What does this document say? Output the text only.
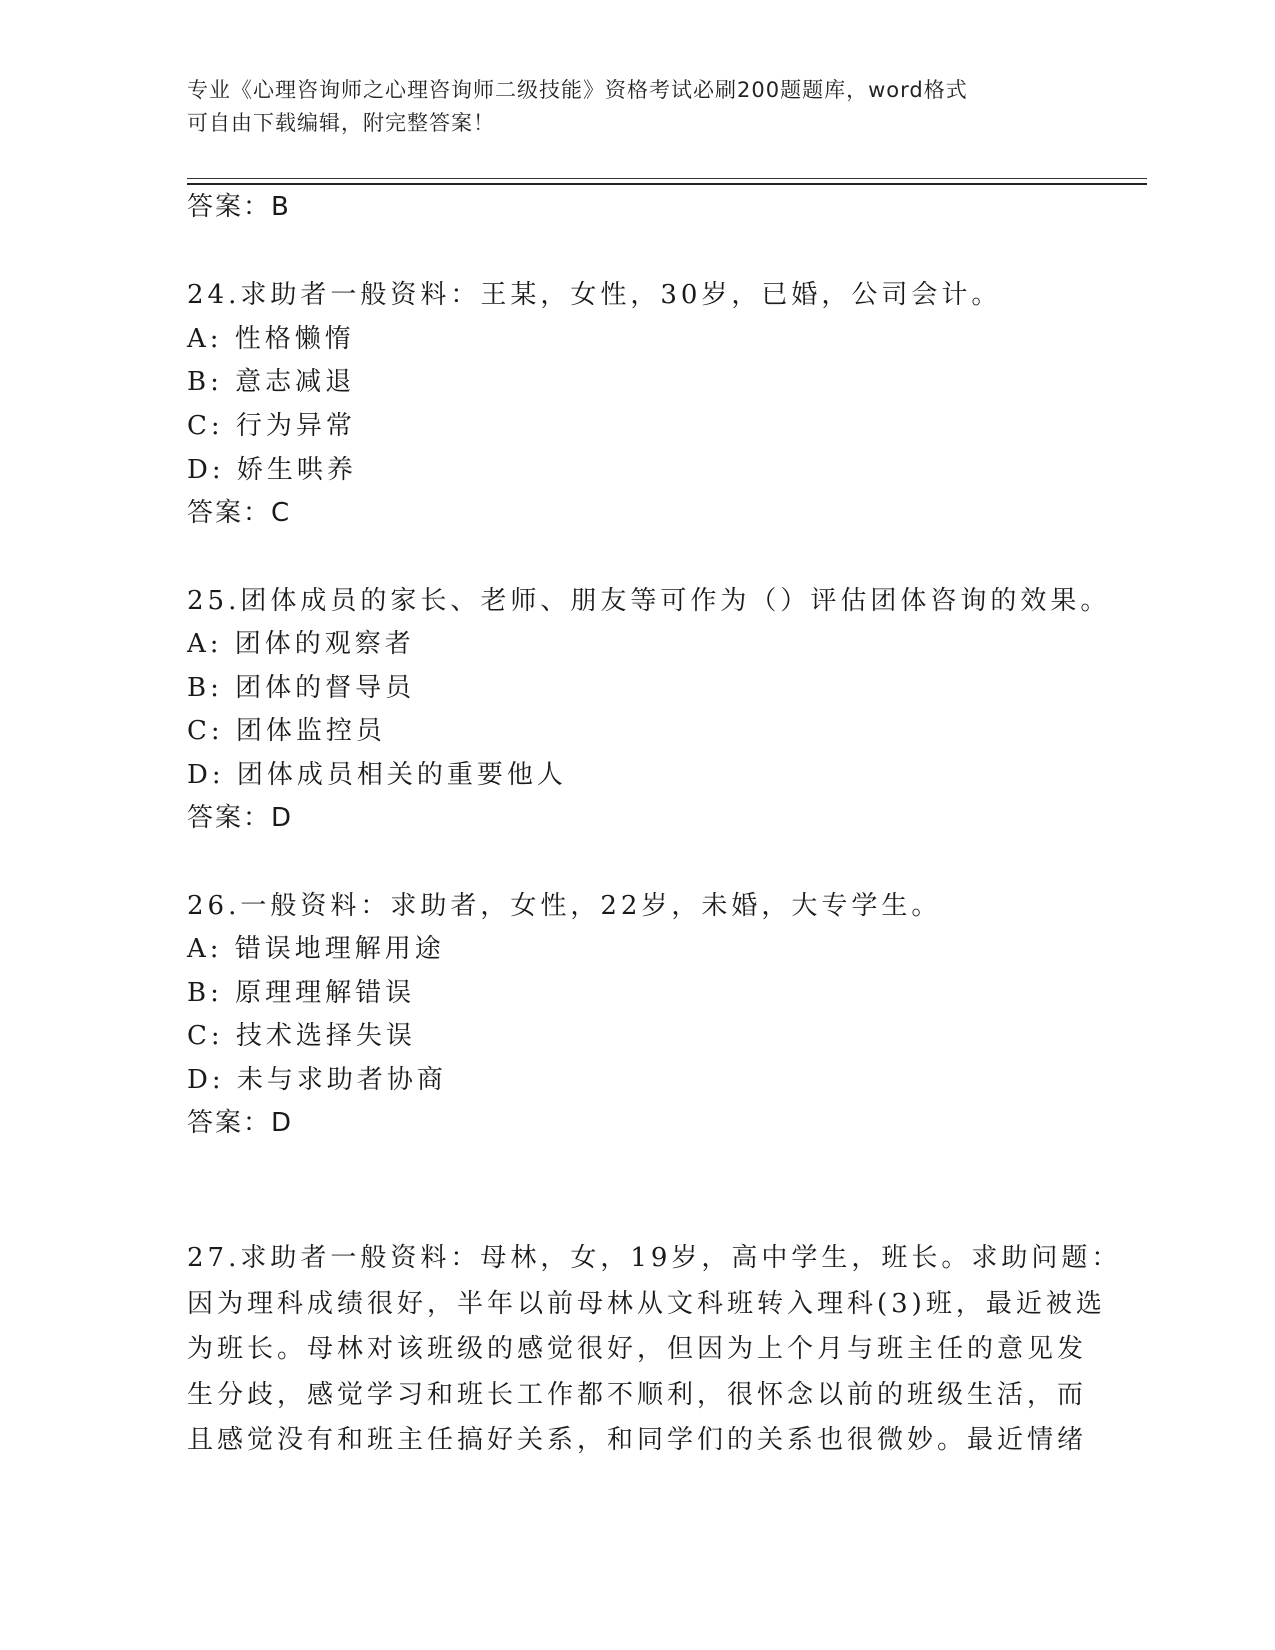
专业《心理咨询师之心理咨询师二级技能》资格考试必刷200题题库，word格式
可自由下载编辑，附完整答案！
答案：B
24.求助者一般资料：王某，女性，30岁，已婚，公司会计。
A: 性格懒惰
B: 意志减退
C: 行为异常
D: 娇生哄养
答案：C
25.团体成员的家长、老师、朋友等可作为（）评估团体咨询的效果。
A: 团体的观察者
B: 团体的督导员
C: 团体监控员
D: 团体成员相关的重要他人
答案：D
26.一般资料：求助者，女性，22岁，未婚，大专学生。
A: 错误地理解用途
B: 原理理解错误
C: 技术选择失误
D: 未与求助者协商
答案：D
27.求助者一般资料：母林，女，19岁，高中学生，班长。求助问题：
因为理科成绩很好，半年以前母林从文科班转入理科(3)班，最近被选
为班长。母林对该班级的感觉很好，但因为上个月与班主任的意见发
生分歧，感觉学习和班长工作都不顺利，很怀念以前的班级生活，而
且感觉没有和班主任搞好关系，和同学们的关系也很微妙。最近情绪
